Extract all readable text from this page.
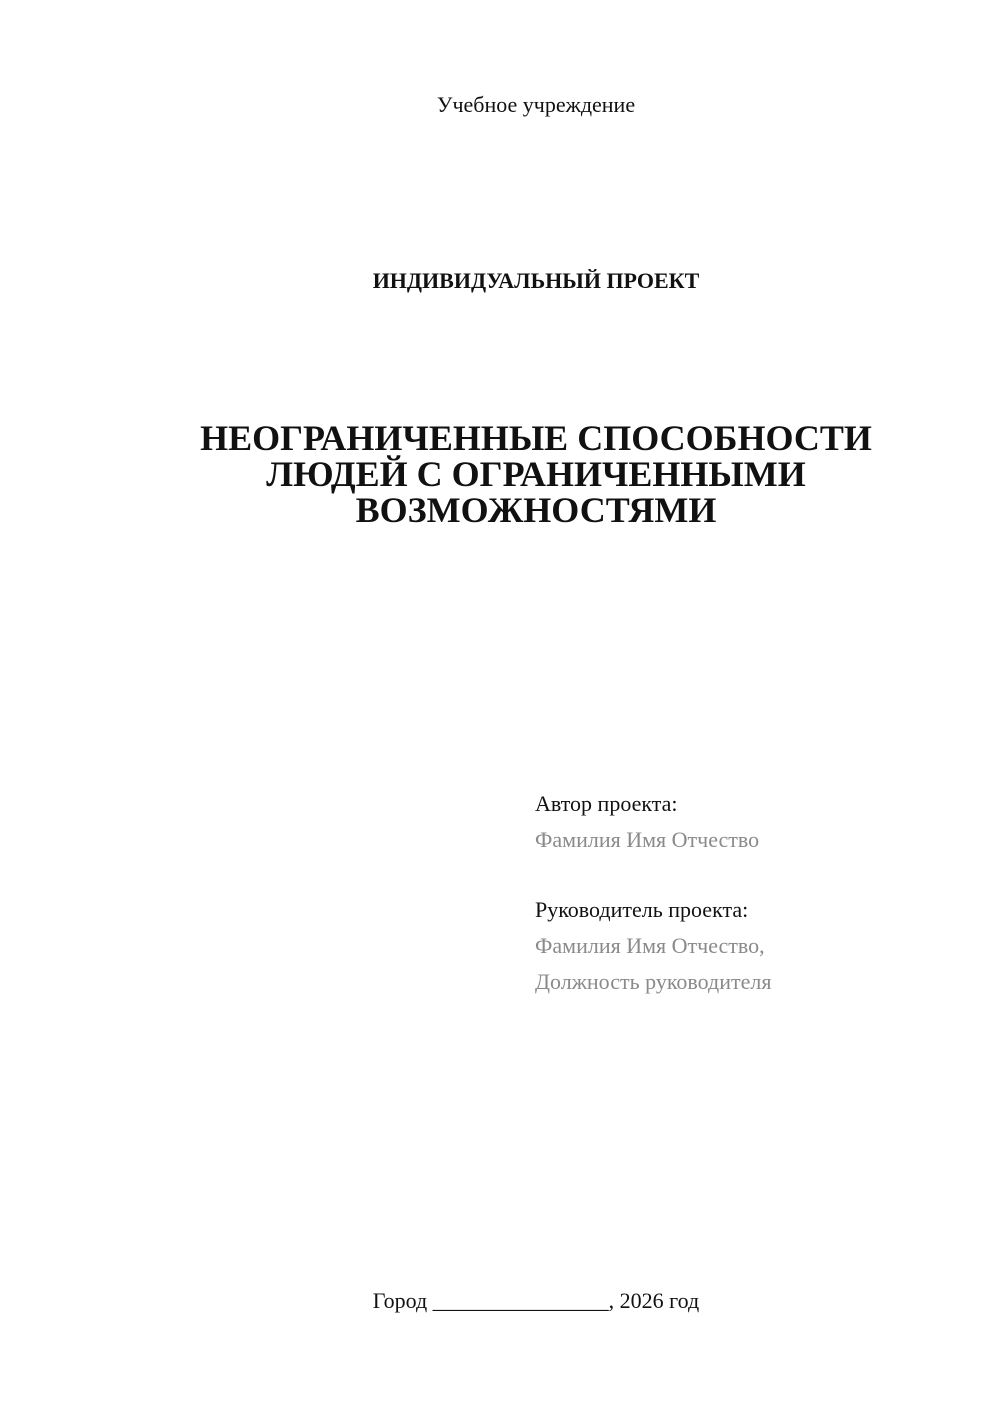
Учебное учреждение
ИНДИВИДУАЛЬНЫЙ ПРОЕКТ
НЕОГРАНИЧЕННЫЕ СПОСОБНОСТИ
ЛЮДЕЙ С ОГРАНИЧЕННЫМИ
ВОЗМОЖНОСТЯМИ
Автор проекта:
Фамилия Имя Отчество
Руководитель проекта:
Фамилия Имя Отчество,
Должность руководителя
Город ________________, 2026 год
